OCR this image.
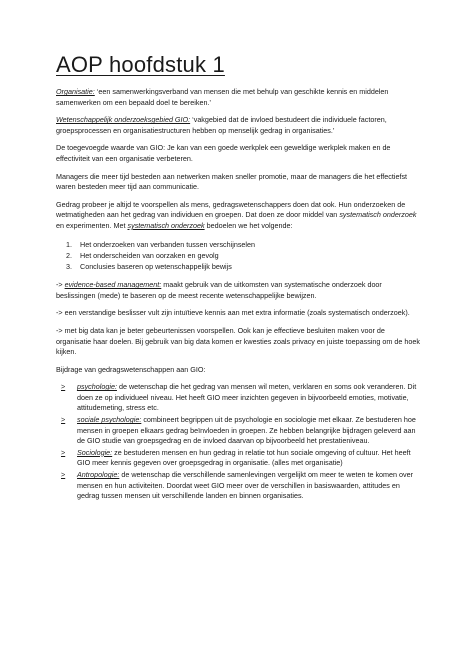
AOP hoofdstuk 1

Organisatie: ‘een samenwerkingsverband van mensen die met behulp van geschikte kennis en middelen samenwerken om een bepaald doel te bereiken.’

Wetenschappelijk onderzoeksgebied GIO: ‘vakgebied dat de invloed bestudeert die individuele factoren, groepsprocessen en organisatiestructuren hebben op menselijk gedrag in organisaties.’

De toegevoegde waarde van GIO: Je kan van een goede werkplek een geweldige werkplek maken en de effectiviteit van een organisatie verbeteren.

Managers die meer tijd besteden aan netwerken maken sneller promotie, maar de managers die het effectiefst waren besteden meer tijd aan communicatie.

Gedrag probeer je altijd te voorspellen als mens, gedragswetenschappers doen dat ook. Hun onderzoeken de wetmatigheden aan het gedrag van individuen en groepen. Dat doen ze door middel van systematisch onderzoek en experimenten. Met systematisch onderzoek bedoelen we het volgende:

1. Het onderzoeken van verbanden tussen verschijnselen
2. Het onderscheiden van oorzaken en gevolg
3. Conclusies baseren op wetenschappelijk bewijs

-> evidence-based management: maakt gebruik van de uitkomsten van systematische onderzoek door beslissingen (mede) te baseren op de meest recente wetenschappelijke bewijzen.

-> een verstandige beslisser vult zijn intuïtieve kennis aan met extra informatie (zoals systematisch onderzoek).

-> met big data kan je beter gebeurtenissen voorspellen. Ook kan je effectieve besluiten maken voor de organisatie haar doelen. Bij gebruik van big data komen er kwesties zoals privacy en juiste toepassing om de hoek kijken.

Bijdrage van gedragswetenschappen aan GIO:

> psychologie: de wetenschap die het gedrag van mensen wil meten, verklaren en soms ook veranderen. Dit doen ze op individueel niveau. Het heeft GIO meer inzichten gegeven in bijvoorbeeld emoties, motivatie, attitudemeting, stress etc.
> sociale psychologie: combineert begrippen uit de psychologie en sociologie met elkaar. Ze bestuderen hoe mensen in groepen elkaars gedrag beïnvloeden in groepen. Ze hebben belangrijke bijdragen geleverd aan de GIO studie van groepsgedrag en de invloed daarvan op bijvoorbeeld het prestatieniveau.
> Sociologie: ze bestuderen mensen en hun gedrag in relatie tot hun sociale omgeving of cultuur. Het heeft GIO meer kennis gegeven over groepsgedrag in organisatie. (alles met organisatie)
> Antropologie: de wetenschap die verschillende samenlevingen vergelijkt om meer te weten te komen over mensen en hun activiteiten. Doordat weet GIO meer over de verschillen in basiswaarden, attitudes en gedrag tussen mensen uit verschillende landen en binnen organisaties.
